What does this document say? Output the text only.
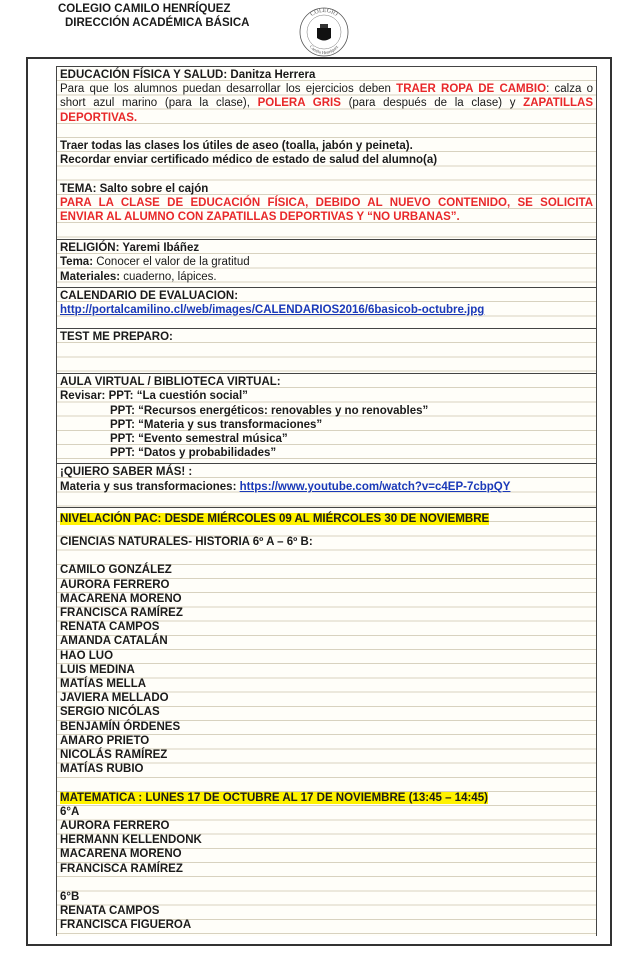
COLEGIO CAMILO HENRÍQUEZ
DIRECCIÓN ACADÉMICA BÁSICA
COLEGIO
Camilo Henríquez
EDUCACIÓN FÍSICA Y SALUD: Danitza Herrera
Para que los alumnos puedan desarrollar los ejercicios deben TRAER ROPA DE CAMBIO: calza o short azul marino (para la clase), POLERA GRIS (para después de la clase) y ZAPATILLAS DEPORTIVAS.
Traer todas las clases los útiles de aseo (toalla, jabón y peineta).
Recordar enviar certificado médico de estado de salud del alumno(a)
TEMA: Salto sobre el cajón
PARA LA CLASE DE EDUCACIÓN FÍSICA, DEBIDO AL NUEVO CONTENIDO, SE SOLICITA ENVIAR AL ALUMNO CON ZAPATILLAS DEPORTIVAS Y “NO URBANAS”.
RELIGIÓN: Yaremi Ibáñez
Tema: Conocer el valor de la gratitud
Materiales: cuaderno, lápices.
CALENDARIO DE EVALUACION:
http://portalcamilino.cl/web/images/CALENDARIOS2016/6basicob-octubre.jpg
TEST ME PREPARO:
AULA VIRTUAL / BIBLIOTECA VIRTUAL:
Revisar: PPT: “La cuestión social”
PPT: “Recursos energéticos: renovables y no renovables”
PPT: “Materia y sus transformaciones”
PPT: “Evento semestral música”
PPT: “Datos y probabilidades”
¡QUIERO SABER MÁS! :
Materia y sus transformaciones: https://www.youtube.com/watch?v=c4EP-7cbpQY
NIVELACIÓN PAC: DESDE MIÉRCOLES 09 AL MIÉRCOLES 30 DE NOVIEMBRE
CIENCIAS NATURALES- HISTORIA 6º A – 6º B:
CAMILO GONZÁLEZ
AURORA FERRERO
MACARENA MORENO
FRANCISCA RAMÍREZ
RENATA CAMPOS
AMANDA CATALÁN
HAO LUO
LUIS MEDINA
MATÍAS MELLA
JAVIERA MELLADO
SERGIO NICÓLAS
BENJAMÍN ÓRDENES
AMARO PRIETO
NICOLÁS RAMÍREZ
MATÍAS RUBIO
MATEMATICA : LUNES 17 DE OCTUBRE AL 17 DE NOVIEMBRE (13:45 – 14:45)
6°A
AURORA FERRERO
HERMANN KELLENDONK
MACARENA MORENO
FRANCISCA RAMÍREZ
6°B
RENATA CAMPOS
FRANCISCA FIGUEROA
